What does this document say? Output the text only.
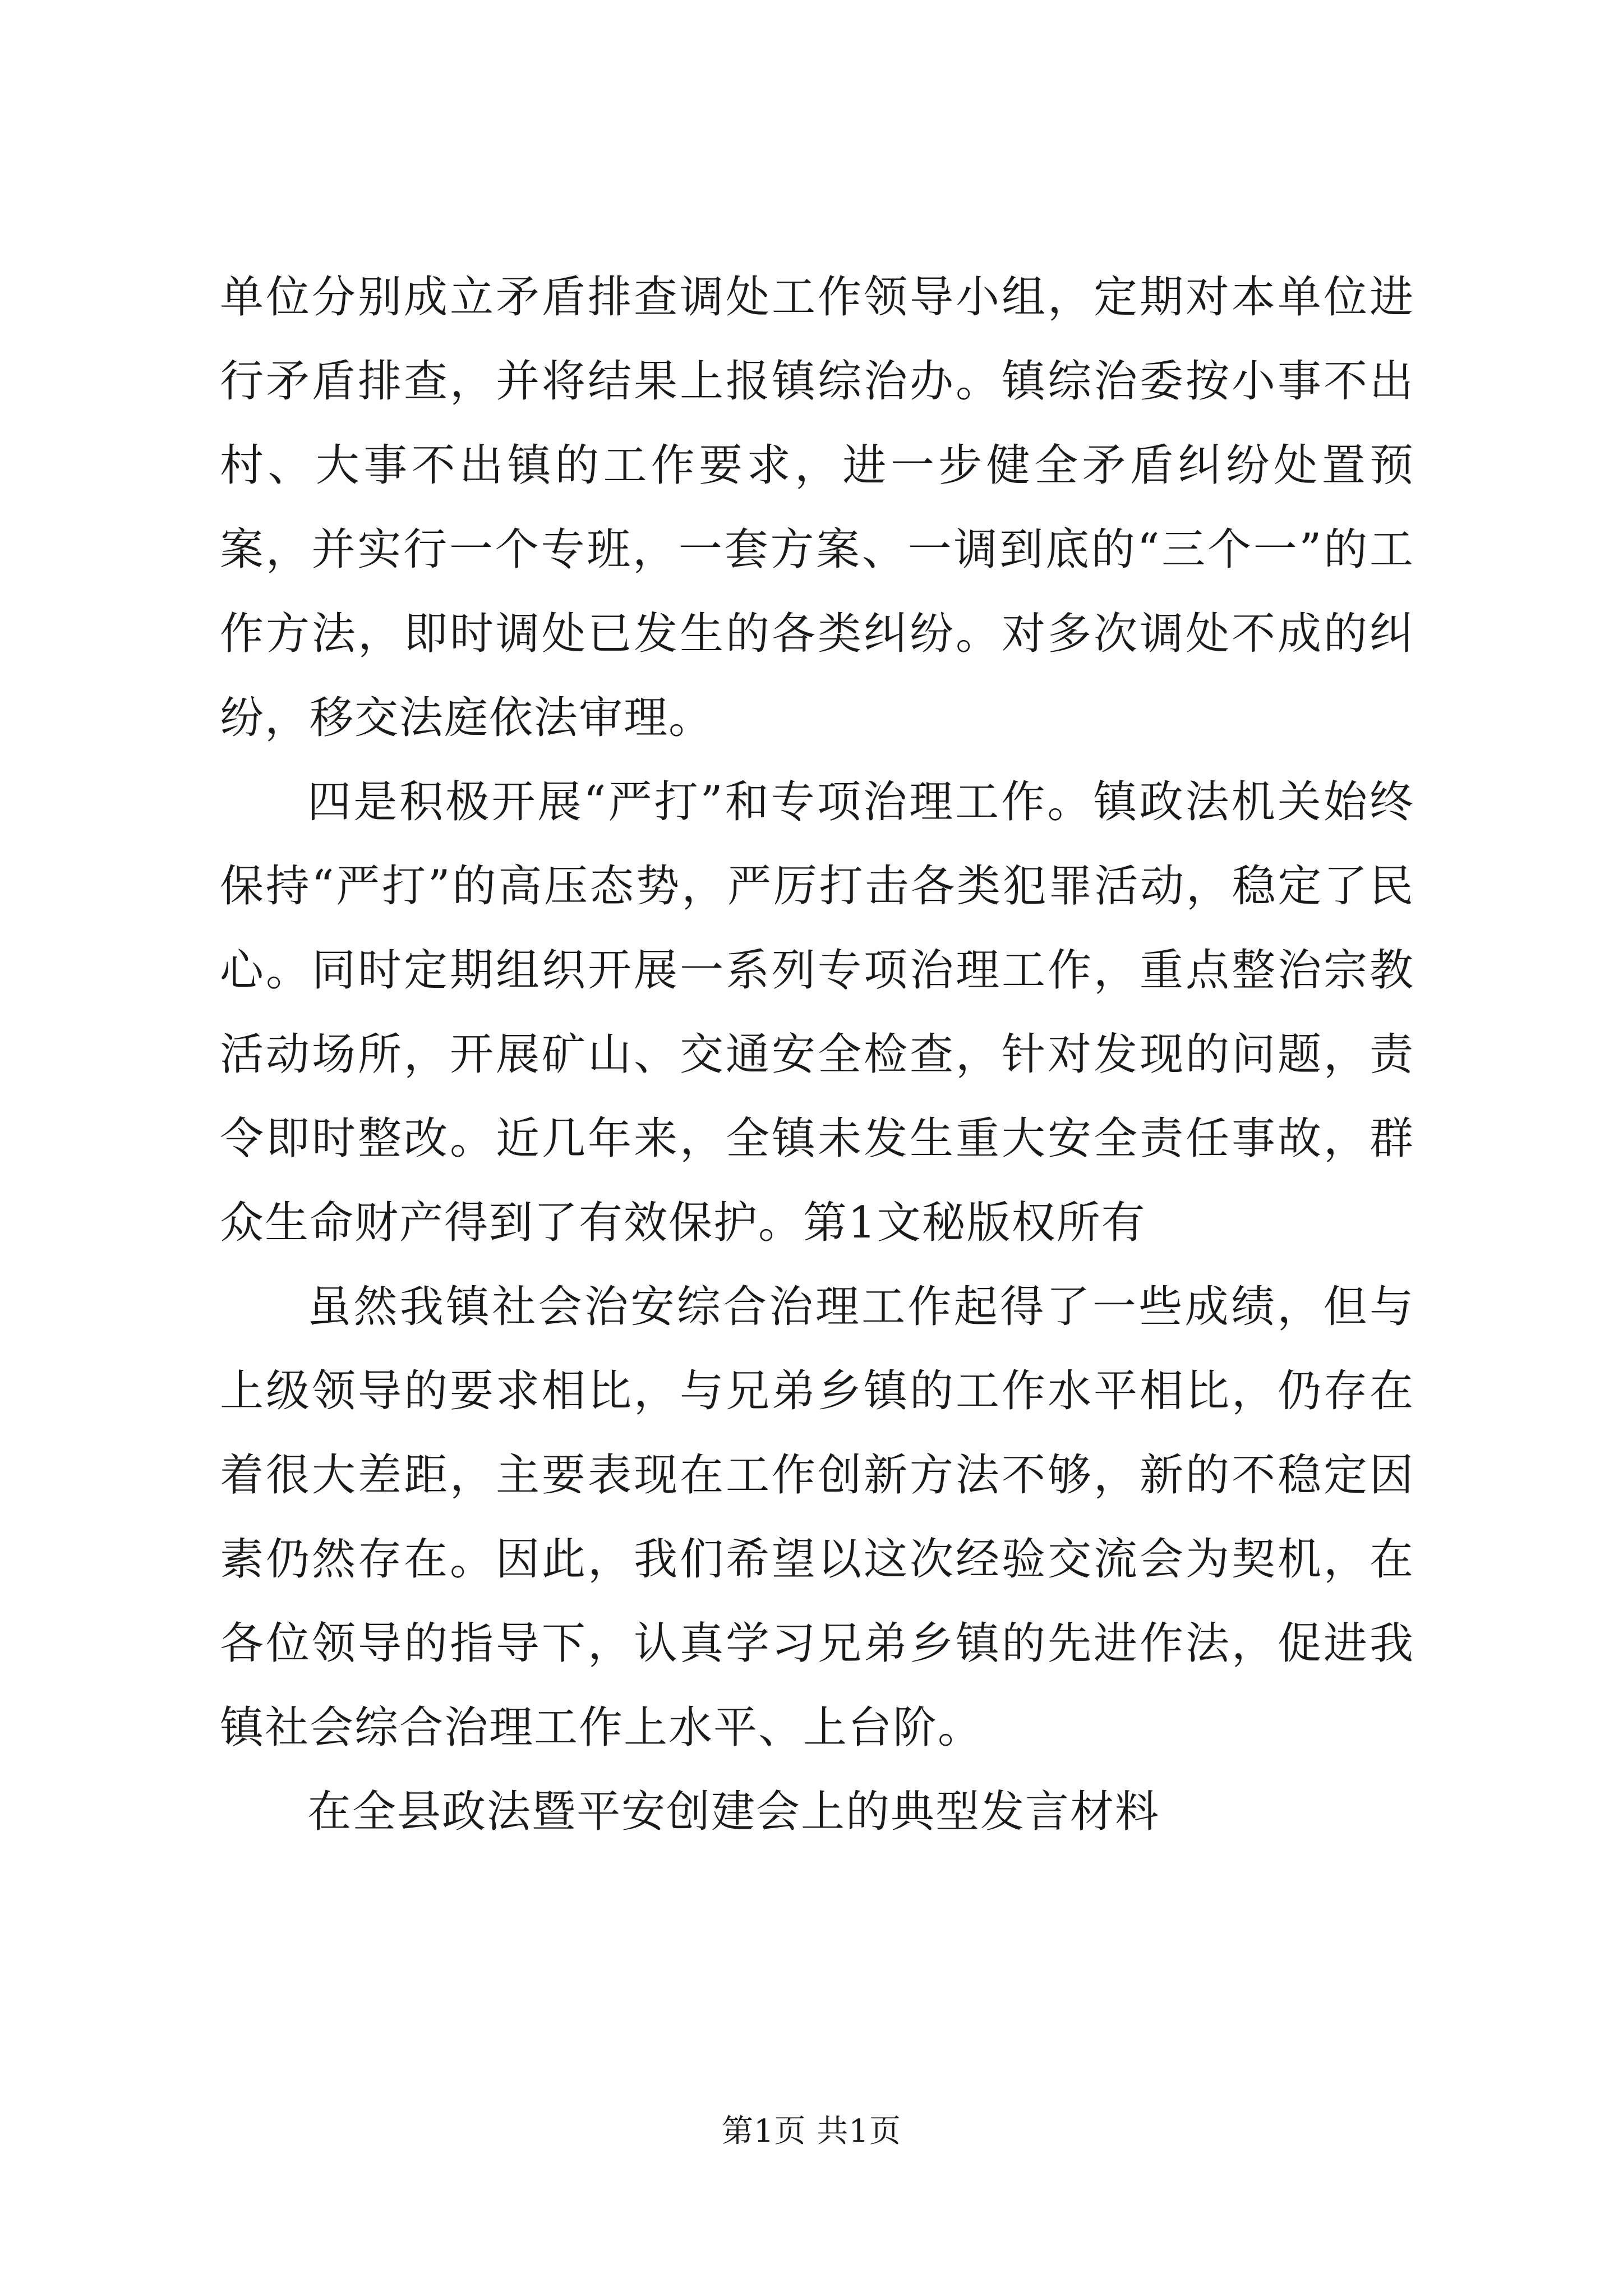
单位分别成立矛盾排查调处工作领导小组，定期对本单位进行矛盾排查，并将结果上报镇综治办。镇综治委按小事不出村、大事不出镇的工作要求，进一步健全矛盾纠纷处置预案，并实行一个专班，一套方案、一调到底的“三个一”的工作方法，即时调处已发生的各类纠纷。对多次调处不成的纠纷，移交法庭依法审理。

四是积极开展“严打”和专项治理工作。镇政法机关始终保持“严打”的高压态势，严厉打击各类犯罪活动，稳定了民心。同时定期组织开展一系列专项治理工作，重点整治宗教活动场所，开展矿山、交通安全检查，针对发现的问题，责令即时整改。近几年来，全镇未发生重大安全责任事故，群众生命财产得到了有效保护。第1文秘版权所有

虽然我镇社会治安综合治理工作起得了一些成绩，但与上级领导的要求相比，与兄弟乡镇的工作水平相比，仍存在着很大差距，主要表现在工作创新方法不够，新的不稳定因素仍然存在。因此，我们希望以这次经验交流会为契机，在各位领导的指导下，认真学习兄弟乡镇的先进作法，促进我镇社会综合治理工作上水平、上台阶。

在全县政法暨平安创建会上的典型发言材料

第1页 共1页
